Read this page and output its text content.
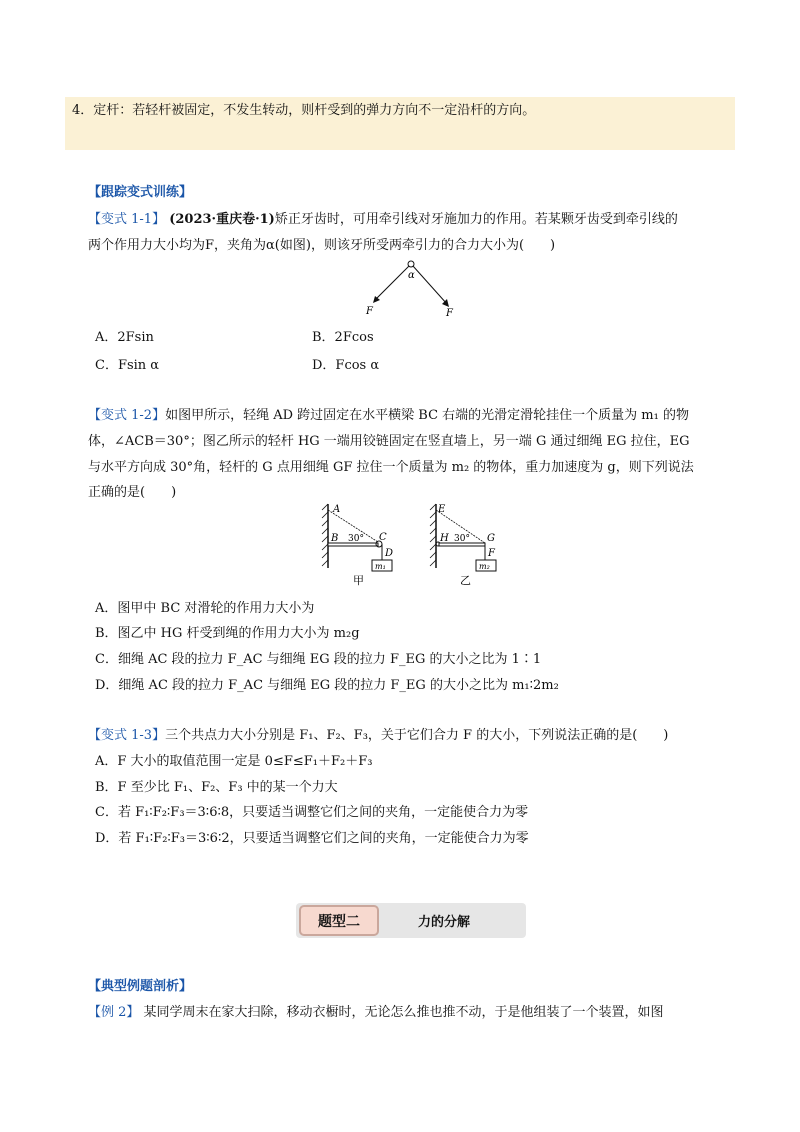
4．定杆：若轻杆被固定，不发生转动，则杆受到的弹力方向不一定沿杆的方向。
【跟踪变式训练】
【变式 1-1】 (2023·重庆卷·1)矫正牙齿时，可用牵引线对牙施加力的作用。若某颗牙齿受到牵引线的
两个作用力大小均为F，夹角为α(如图)，则该牙所受两牵引力的合力大小为(　　)
α
F	F
A．2Fsin	B．2Fcos
C．Fsin α	D．Fcos α
【变式 1-2】如图甲所示，轻绳 AD 跨过固定在水平横梁 BC 右端的光滑定滑轮挂住一个质量为 m₁ 的物
体，∠ACB＝30°；图乙所示的轻杆 HG 一端用铰链固定在竖直墙上，另一端 G 通过细绳 EG 拉住，EG
与水平方向成 30°角，轻杆的 G 点用细绳 GF 拉住一个质量为 m₂ 的物体，重力加速度为 g，则下列说法
正确的是(　　)
A
B 30° C
D
m₁
甲
E
H 30° G
F
m₂
乙
A．图甲中 BC 对滑轮的作用力大小为
B．图乙中 HG 杆受到绳的作用力大小为 m₂g
C．细绳 AC 段的拉力 F_AC 与细绳 EG 段的拉力 F_EG 的大小之比为 1∶1
D．细绳 AC 段的拉力 F_AC 与细绳 EG 段的拉力 F_EG 的大小之比为 m₁∶2m₂
【变式 1-3】三个共点力大小分别是 F₁、F₂、F₃，关于它们合力 F 的大小，下列说法正确的是(　　)
A．F 大小的取值范围一定是 0≤F≤F₁＋F₂＋F₃
B．F 至少比 F₁、F₂、F₃ 中的某一个力大
C．若 F₁∶F₂∶F₃＝3∶6∶8，只要适当调整它们之间的夹角，一定能使合力为零
D．若 F₁∶F₂∶F₃＝3∶6∶2，只要适当调整它们之间的夹角，一定能使合力为零
题型二	力的分解
【典型例题剖析】
【例 2】 某同学周末在家大扫除，移动衣橱时，无论怎么推也推不动，于是他组装了一个装置，如图
